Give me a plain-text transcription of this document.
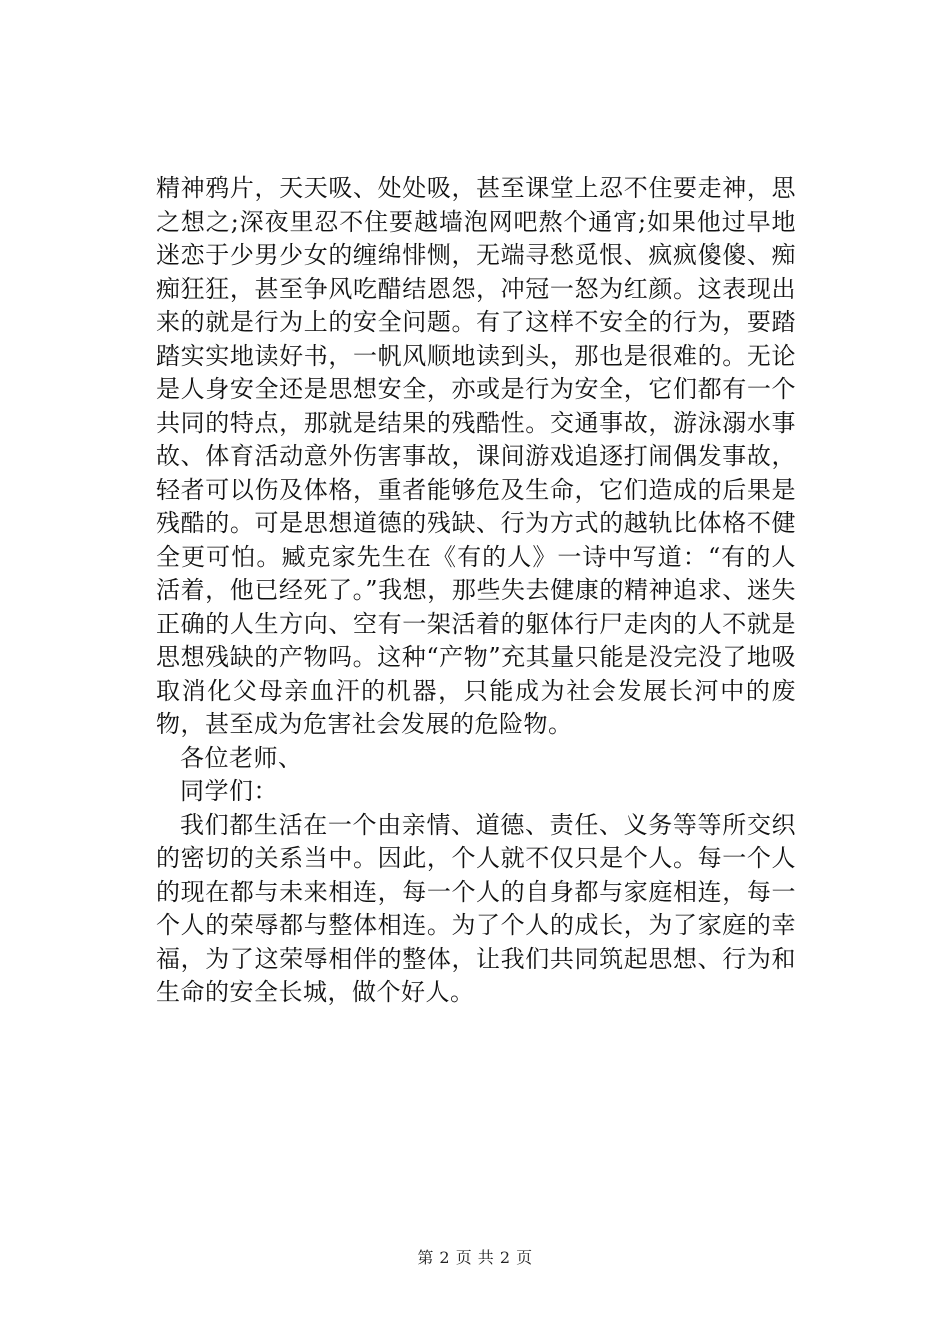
精神鸦片，天天吸、处处吸，甚至课堂上忍不住要走神，思之想之;深夜里忍不住要越墙泡网吧熬个通宵;如果他过早地迷恋于少男少女的缠绵悱恻，无端寻愁觅恨、疯疯傻傻、痴痴狂狂，甚至争风吃醋结恩怨，冲冠一怒为红颜。这表现出来的就是行为上的安全问题。有了这样不安全的行为，要踏踏实实地读好书，一帆风顺地读到头，那也是很难的。无论是人身安全还是思想安全，亦或是行为安全，它们都有一个共同的特点，那就是结果的残酷性。交通事故，游泳溺水事故、体育活动意外伤害事故，课间游戏追逐打闹偶发事故，轻者可以伤及体格，重者能够危及生命，它们造成的后果是残酷的。可是思想道德的残缺、行为方式的越轨比体格不健全更可怕。臧克家先生在《有的人》一诗中写道：“有的人活着，他已经死了。”我想，那些失去健康的精神追求、迷失正确的人生方向、空有一架活着的躯体行尸走肉的人不就是思想残缺的产物吗。这种“产物”充其量只能是没完没了地吸取消化父母亲血汗的机器，只能成为社会发展长河中的废物，甚至成为危害社会发展的危险物。

各位老师、

同学们：

我们都生活在一个由亲情、道德、责任、义务等等所交织的密切的关系当中。因此，个人就不仅只是个人。每一个人的现在都与未来相连，每一个人的自身都与家庭相连，每一个人的荣辱都与整体相连。为了个人的成长，为了家庭的幸福，为了这荣辱相伴的整体，让我们共同筑起思想、行为和生命的安全长城，做个好人。

第 2 页 共 2 页
